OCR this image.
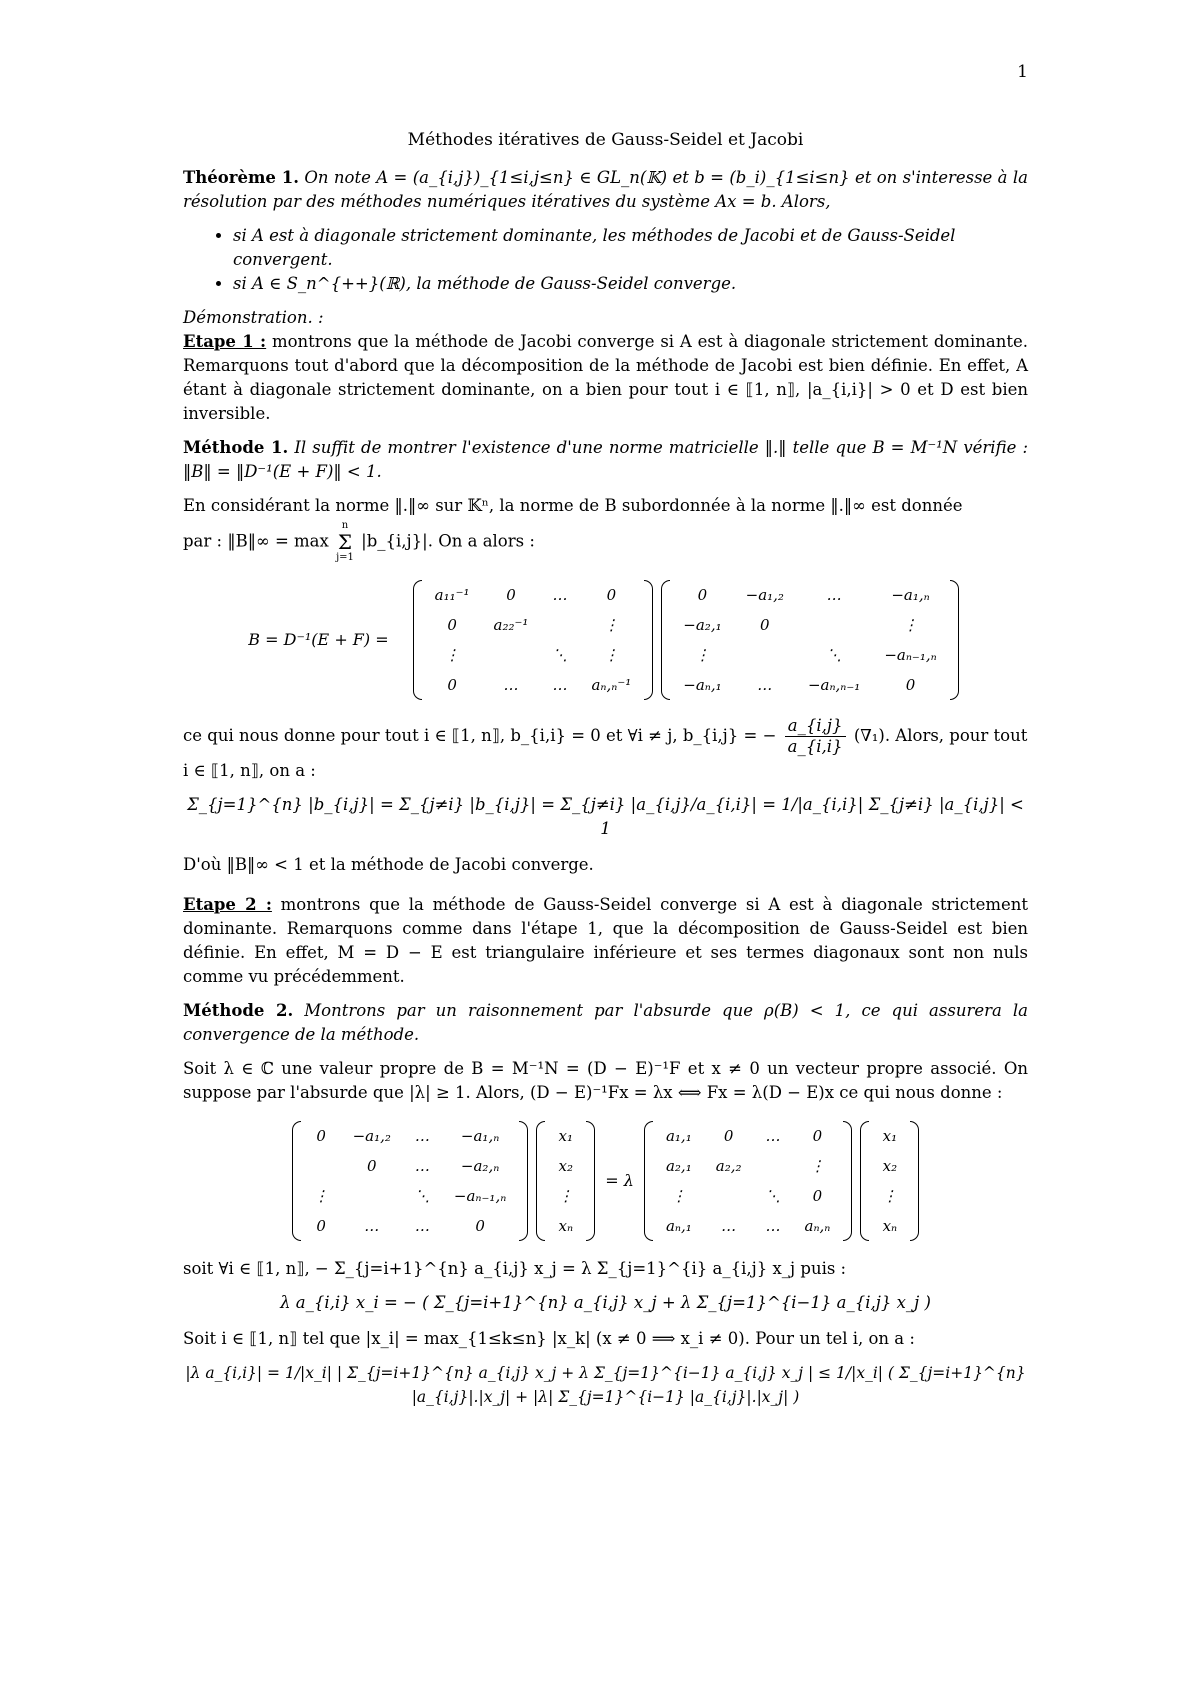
1
Méthodes itératives de Gauss-Seidel et Jacobi

Théorème 1. On note A = (a_{i,j})_{1≤i,j≤n} ∈ GL_n(𝕂) et b = (b_i)_{1≤i≤n} et on s'interesse à la résolution par des méthodes numériques itératives du système Ax = b. Alors,

• si A est à diagonale strictement dominante, les méthodes de Jacobi et de Gauss-Seidel convergent.
• si A ∈ S_n^{++}(ℝ), la méthode de Gauss-Seidel converge.
Démonstration. :

Etape 1 : montrons que la méthode de Jacobi converge si A est à diagonale strictement dominante. Remarquons tout d'abord que la décomposition de la méthode de Jacobi est bien définie. En effet, A étant à diagonale strictement dominante, on a bien pour tout i ∈ ⟦1, n⟧, |a_{i,i}| > 0 et D est bien inversible.

Méthode 1. Il suffit de montrer l'existence d'une norme matricielle ‖.‖ telle que B = M⁻¹N vérifie : ‖B‖ = ‖D⁻¹(E + F)‖ < 1.

En considérant la norme ‖.‖∞ sur 𝕂ⁿ, la norme de B subordonnée à la norme ‖.‖∞ est donnée

par : ‖B‖∞ = max
n
Σ
j=1
|b_{i,j}|. On a alors :

B = D⁻¹(E + F) =
a₁₁⁻¹	0	…	0
0	a₂₂⁻¹		⋮
⋮		⋱	⋮
0	…	…	aₙ,ₙ⁻¹
0	−a₁,₂	…	−a₁,ₙ
−a₂,₁	0		⋮
⋮		⋱	−aₙ₋₁,ₙ
−aₙ,₁	…	−aₙ,ₙ₋₁	0

ce qui nous donne pour tout i ∈ ⟦1, n⟧, b_{i,i} = 0 et ∀i ≠ j, b_{i,j} = − $\frac{a\_\{i,j\}}{a\_\{i,i\}} (\nabla_1)$. Alors, pour tout

i ∈ ⟦1, n⟧, on a :

Σ_{j=1}^{n} |b_{i,j}| = Σ_{j≠i} |b_{i,j}| = Σ_{j≠i} |a_{i,j}/a_{i,i}| = 1/|a_{i,i}| Σ_{j≠i} |a_{i,j}| < 1

D'où ‖B‖∞ < 1 et la méthode de Jacobi converge.

Etape 2 : montrons que la méthode de Gauss-Seidel converge si A est à diagonale strictement dominante. Remarquons comme dans l'étape 1, que la décomposition de Gauss-Seidel est bien définie. En effet, M = D − E est triangulaire inférieure et ses termes diagonaux sont non nuls comme vu précédemment.

Méthode 2. Montrons par un raisonnement par l'absurde que ρ(B) < 1, ce qui assurera la convergence de la méthode.

Soit λ ∈ ℂ une valeur propre de B = M⁻¹N = (D − E)⁻¹F et x ≠ 0 un vecteur propre associé. On suppose par l'absurde que |λ| ≥ 1. Alors, (D − E)⁻¹Fx = λx ⟺ Fx = λ(D − E)x ce qui nous donne :

0	−a₁,₂	…	−a₁,ₙ
	0	…	−a₂,ₙ
⋮		⋱	−aₙ₋₁,ₙ
0	…	…	0
x₁
x₂
⋮
xₙ
= λ
a₁,₁	0	…	0
a₂,₁	a₂,₂		⋮
⋮		⋱	0
aₙ,₁	…	…	aₙ,ₙ
x₁
x₂
⋮
xₙ

soit ∀i ∈ ⟦1, n⟧, − Σ_{j=i+1}^{n} a_{i,j} x_j = λ Σ_{j=1}^{i} a_{i,j} x_j puis :

λ a_{i,i} x_i = − ( Σ_{j=i+1}^{n} a_{i,j} x_j + λ Σ_{j=1}^{i−1} a_{i,j} x_j )

Soit i ∈ ⟦1, n⟧ tel que |x_i| = max_{1≤k≤n} |x_k| (x ≠ 0 ⟹ x_i ≠ 0). Pour un tel i, on a :

|λ a_{i,i}| = 1/|x_i| | Σ_{j=i+1}^{n} a_{i,j} x_j + λ Σ_{j=1}^{i−1} a_{i,j} x_j | ≤ 1/|x_i| ( Σ_{j=i+1}^{n} |a_{i,j}|.|x_j| + |λ| Σ_{j=1}^{i−1} |a_{i,j}|.|x_j| )
